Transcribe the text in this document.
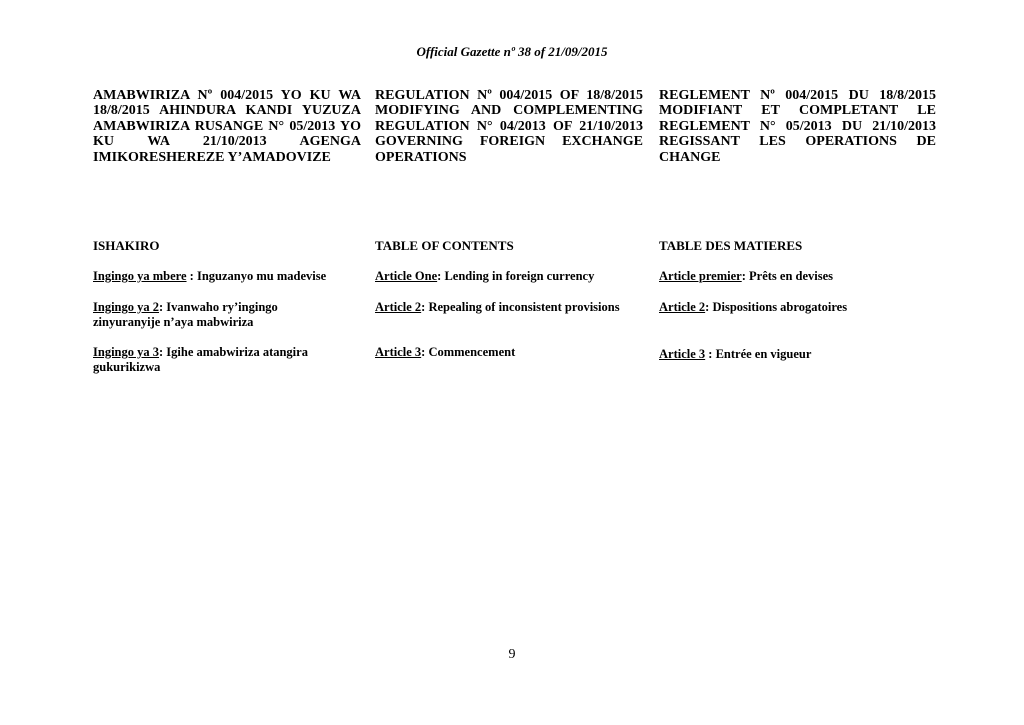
Official Gazette nº 38 of 21/09/2015
AMABWIRIZA Nº 004/2015 YO KU WA 18/8/2015 AHINDURA KANDI YUZUZA AMABWIRIZA RUSANGE N° 05/2013 YO KU WA 21/10/2013 AGENGA IMIKORESHEREZE Y’AMADOVIZE
ISHAKIRO
Ingingo ya mbere : Inguzanyo mu madevise
Ingingo ya 2: Ivanwaho ry’ingingo zinyuranyije n’aya mabwiriza
Ingingo ya 3: Igihe amabwiriza atangira gukurikizwa
REGULATION Nº 004/2015 OF 18/8/2015 MODIFYING AND COMPLEMENTING REGULATION N° 04/2013 OF 21/10/2013 GOVERNING FOREIGN EXCHANGE OPERATIONS
TABLE OF CONTENTS
Article One: Lending in foreign currency
Article 2: Repealing of inconsistent provisions
Article 3: Commencement
REGLEMENT Nº 004/2015 DU 18/8/2015 MODIFIANT ET COMPLETANT LE REGLEMENT N° 05/2013 DU 21/10/2013 REGISSANT LES OPERATIONS DE CHANGE
TABLE DES MATIERES
Article premier: Prêts en devises
Article 2: Dispositions abrogatoires
Article 3 : Entrée en vigueur
9
